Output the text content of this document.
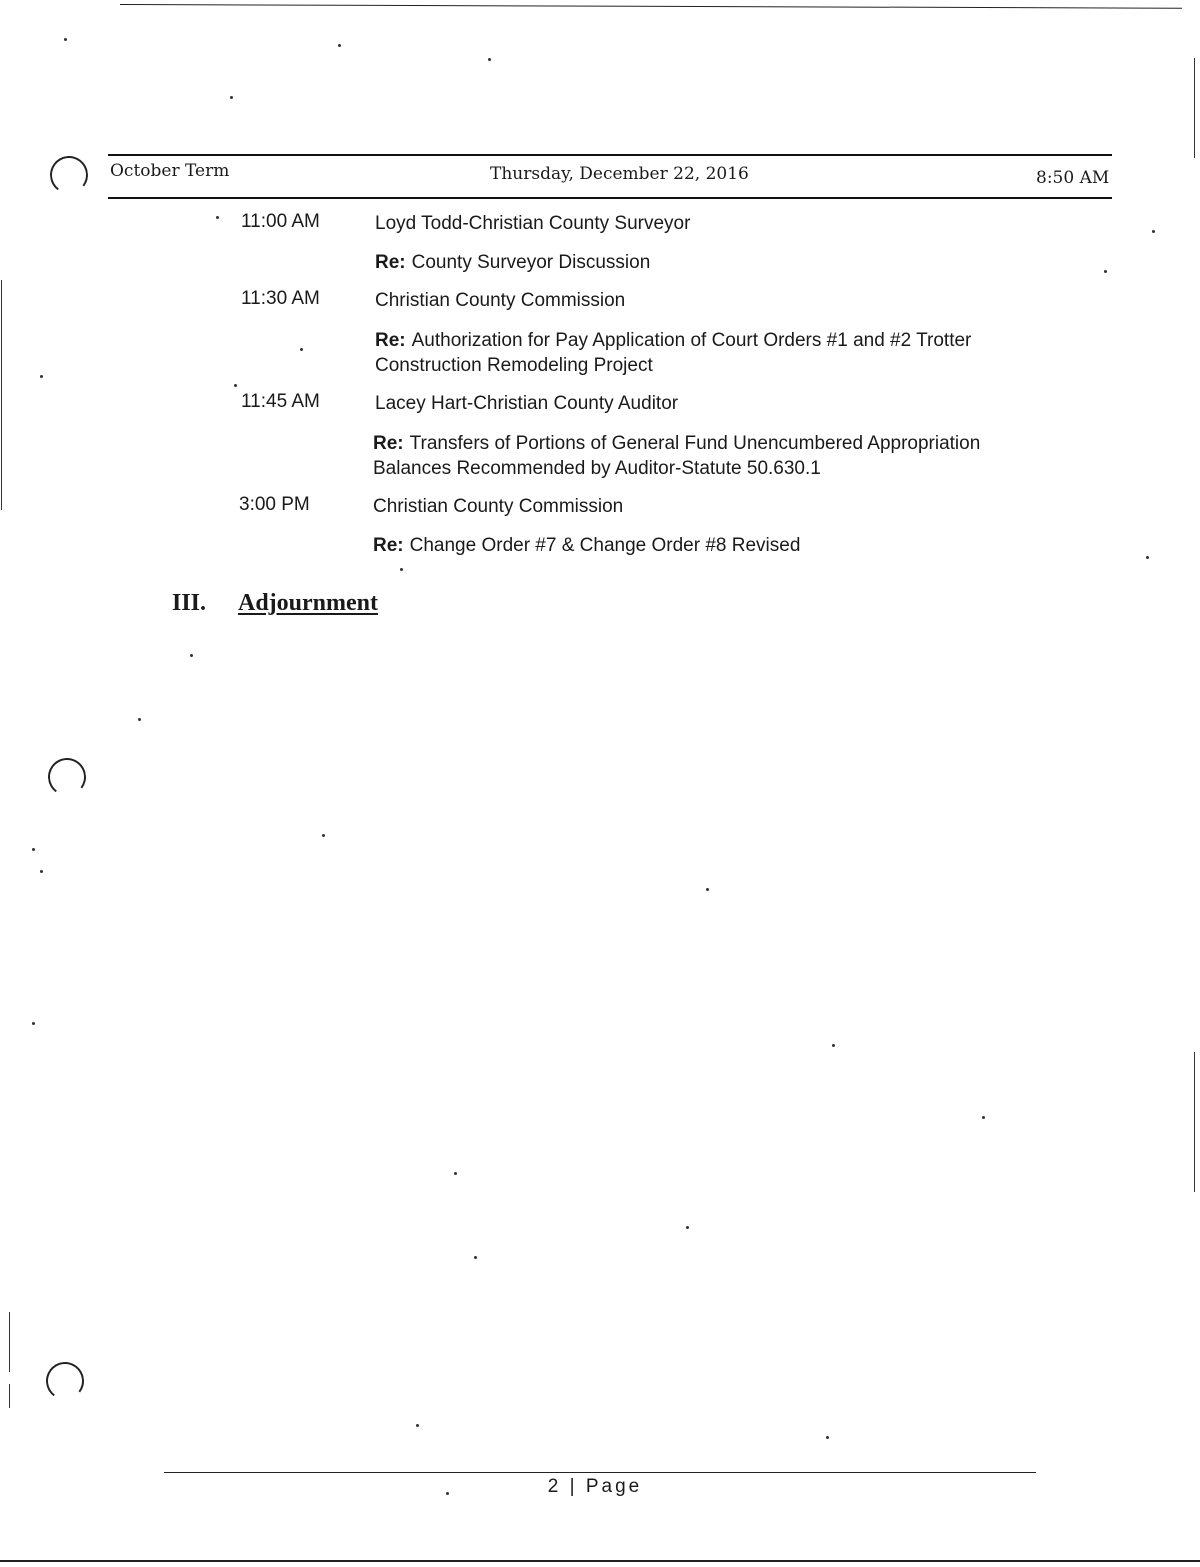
October Term	Thursday, December 22, 2016	8:50 AM
11:00 AM	Loyd Todd-Christian County Surveyor
Re: County Surveyor Discussion
11:30 AM	Christian County Commission
Re: Authorization for Pay Application of Court Orders #1 and #2 Trotter Construction Remodeling Project
11:45 AM	Lacey Hart-Christian County Auditor
Re: Transfers of Portions of General Fund Unencumbered Appropriation Balances Recommended by Auditor-Statute 50.630.1
3:00 PM	Christian County Commission
Re: Change Order #7 & Change Order #8 Revised
III. Adjournment
2 | Page
